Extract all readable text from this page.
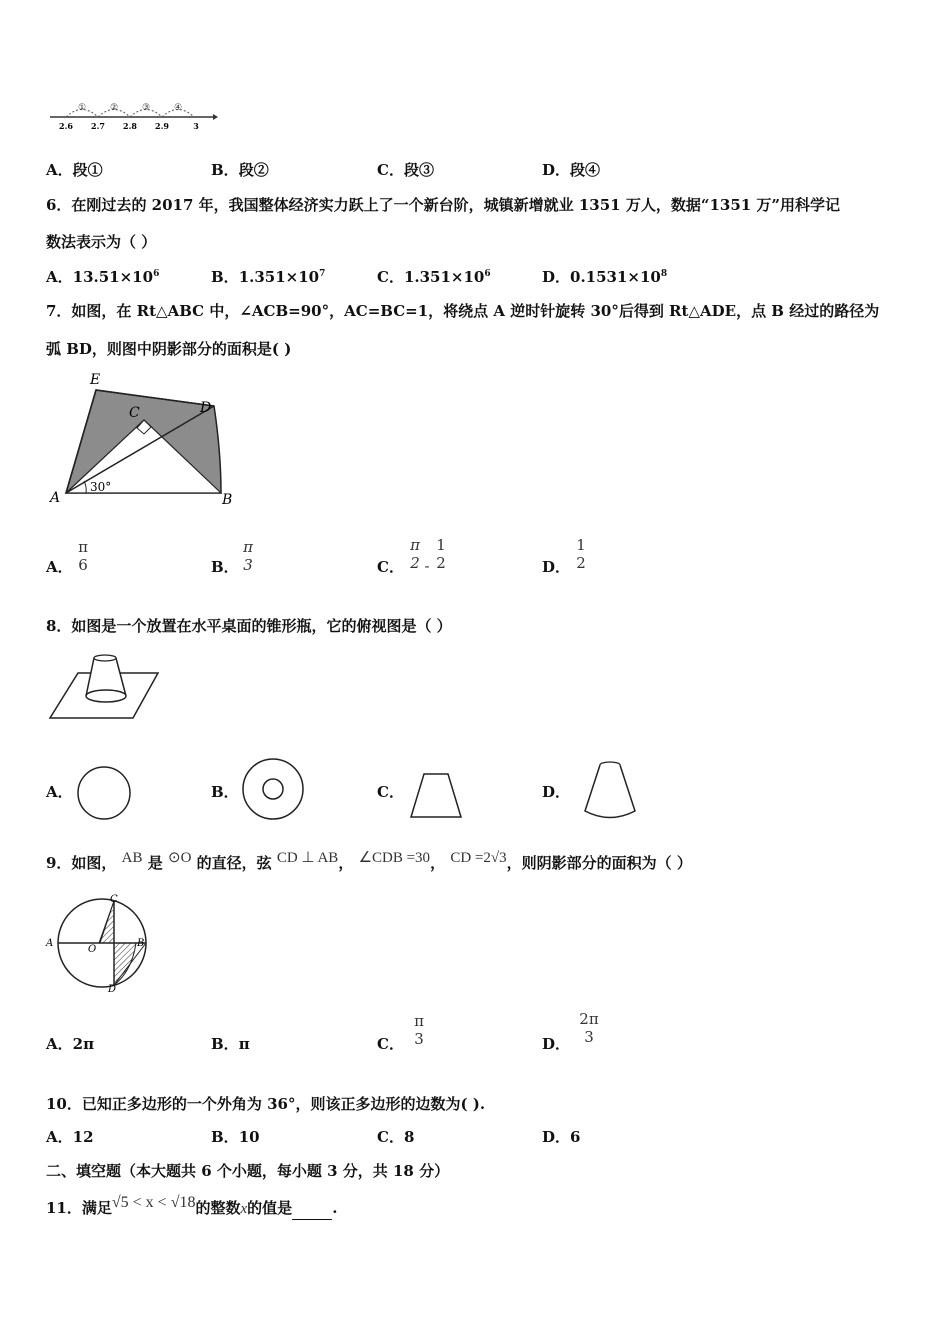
①	②	③	④
2.6 2.7 2.8 2.9	3
A．段①	B．段②	C．段③	D．段④
6．在刚过去的 2017 年，我国整体经济实力跃上了一个新台阶，城镇新增就业 1351 万人，数据“1351 万”用科学记
数法表示为（ ）
A．$13.51\times 10^6$	B．$1.351\times 10^7$	C．$1.351\times 10^6$	D．$0.1531\times 10^8$
7．如图，在 Rt△ABC 中，∠ACB=90°，AC=BC=1，将绕点 A 逆时针旋转 30°后得到 Rt△ADE，点 B 经过的路径为
弧 BD，则图中阴影部分的面积是( )
E
C	D
A	B
30°
A．
π
6	B．
π
3	C．
π
2 -
1
2	D．
1
2
8．如图是一个放置在水平桌面的锥形瓶，它的俯视图是（ ）
A．	B．	C．	D．
9．如图， AB 是 ⊙O 的直径，弦 CD ⊥ AB， ∠CDB =30， CD =2√3，则阴影部分的面积为（ ）
C
A
O
B
D
A．2π	B．π	C．
π
3	D．
2π
3
10．已知正多边形的一个外角为 36°，则该正多边形的边数为( ).
A．12	B．10	C．8	D．6
二、填空题（本大题共 6 个小题，每小题 3 分，共 18 分）
11．满足√5 < x < √18的整数x的值是	.
